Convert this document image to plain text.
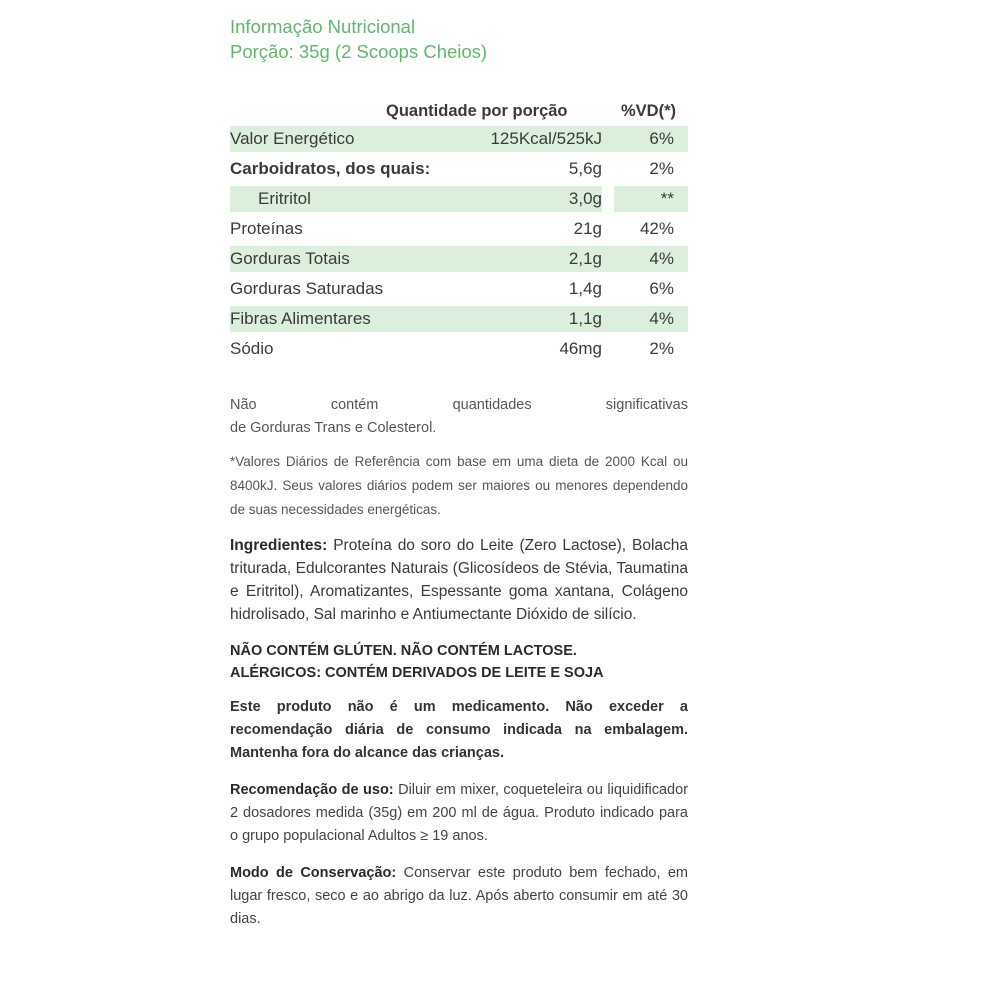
Informação Nutricional

Porção: 35g (2 Scoops Cheios)

Quantidade por porção	%VD(*)
Valor Energético	125Kcal/525kJ	6%
Carboidratos, dos quais:	5,6g	2%
Eritritol	3,0g	**
Proteínas	21g 42%
Gorduras Totais	2,1g	4%
Gorduras Saturadas	1,4g	6%
Fibras Alimentares	1,1g	4%
Sódio	46mg	2%
Não	contém	quantidades	significativas
de Gorduras Trans e Colesterol.
*Valores Diários de Referência com base em uma dieta de 2000 Kcal ou 8400kJ. Seus valores diários podem ser maiores ou menores dependendo de suas necessidades energéticas.
Ingredientes: Proteína do soro do Leite (Zero Lactose), Bolacha triturada, Edulcorantes Naturais (Glicosídeos de Stévia, Taumatina e Eritritol), Aromatizantes, Espessante goma xantana, Colágeno hidrolisado, Sal marinho e Antiumectante Dióxido de silício.
NÃO CONTÉM GLÚTEN. NÃO CONTÉM LACTOSE.
ALÉRGICOS: CONTÉM DERIVADOS DE LEITE E SOJA
Este produto não é um medicamento. Não exceder a recomendação diária de consumo indicada na embalagem. Mantenha fora do alcance das crianças.
Recomendação de uso: Diluir em mixer, coqueteleira ou liquidificador 2 dosadores medida (35g) em 200 ml de água. Produto indicado para o grupo populacional Adultos ≥ 19 anos.
Modo de Conservação: Conservar este produto bem fechado, em lugar fresco, seco e ao abrigo da luz. Após aberto consumir em até 30 dias.
